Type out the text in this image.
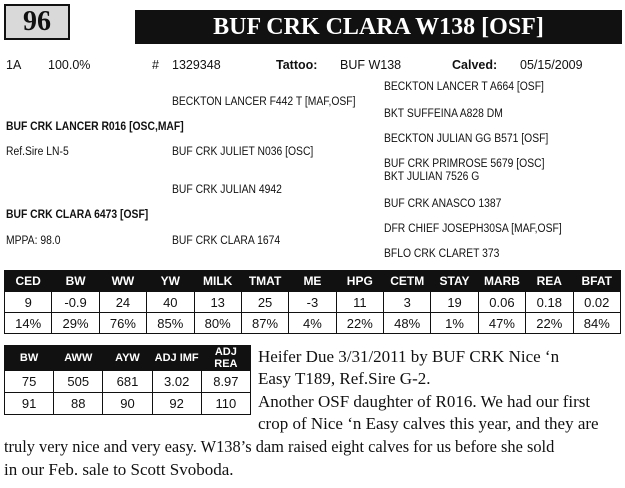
96	BUF CRK CLARA W138 [OSF]
1A 100.0%	# 1329348	Tattoo: BUF W138	Calved: 05/15/2009
BECKTON LANCER T A664 [OSF]
BECKTON LANCER F442 T [MAF,OSF]
BKT SUFFEINA A828 DM
BUF CRK LANCER R016 [OSC,MAF]
BECKTON JULIAN GG B571 [OSF]
Ref.Sire LN-5	BUF CRK JULIET N036 [OSC]
BUF CRK PRIMROSE 5679 [OSC]
BKT JULIAN 7526 G
BUF CRK JULIAN 4942
BUF CRK ANASCO 1387
BUF CRK CLARA 6473 [OSF]
DFR CHIEF JOSEPH30SA [MAF,OSF]
MPPA: 98.0	BUF CRK CLARA 1674
BFLO CRK CLARET 373
CED	BW	WW	YW	MILK	TMAT	ME	HPG	CETM	STAY	MARB	REA	BFAT
9	-0.9	24	40	13	25	-3	11	3	19	0.06	0.18	0.02
14%	29%	76%	85%	80%	87%	4%	22%	48%	1%	47%	22%	84%
BW	AWW	AYW	ADJ IMF	ADJ REA
75	505	681	3.02	8.97
91	88	90	92	110
Heifer Due 3/31/2011 by BUF CRK Nice ‘n
Easy T189, Ref.Sire G-2.
Another OSF daughter of R016. We had our first
crop of Nice ‘n Easy calves this year, and they are
truly very nice and very easy. W138’s dam raised eight calves for us before she sold
in our Feb. sale to Scott Svoboda.
